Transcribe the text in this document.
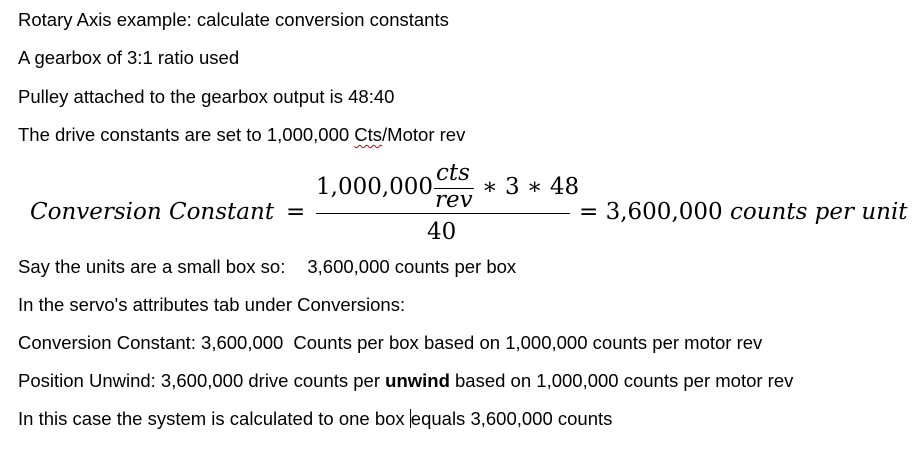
Rotary Axis example: calculate conversion constants
A gearbox of 3:1 ratio used
Pulley attached to the gearbox output is 48:40
The drive constants are set to 1,000,000 Cts/Motor rev
Conversion Constant =
1,000,000
cts
rev ∗ 3 ∗ 48
40
= 3,600,000 counts per unit
Say the units are a small box so: 3,600,000 counts per box
In the servo's attributes tab under Conversions:
Conversion Constant: 3,600,000 Counts per box based on 1,000,000 counts per motor rev
Position Unwind: 3,600,000 drive counts per unwind based on 1,000,000 counts per motor rev
In this case the system is calculated to one box equals 3,600,000 counts
